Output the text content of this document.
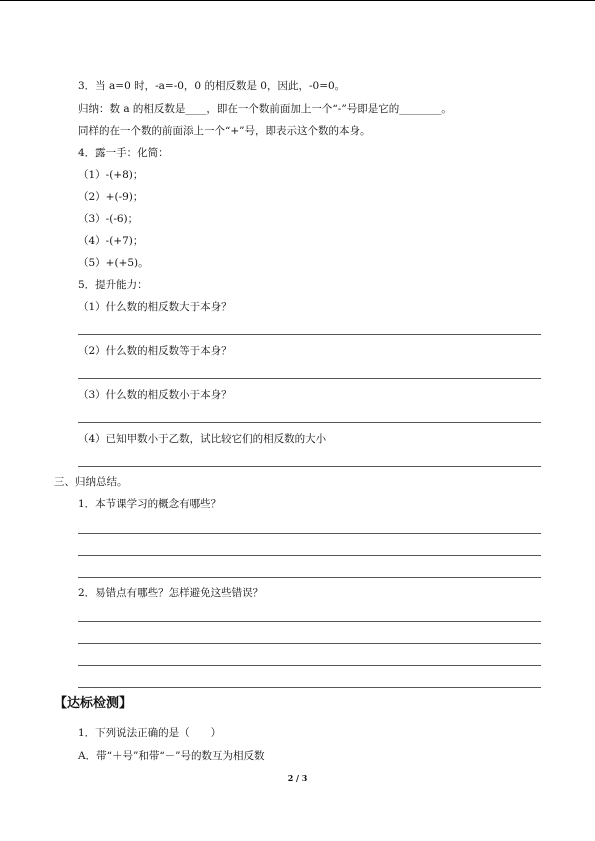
3．当 a=0 时，-a=-0，0 的相反数是 0，因此，-0=0。
归纳：数 a 的相反数是____，即在一个数前面加上一个“-”号即是它的________。
同样的在一个数的前面添上一个“+”号，即表示这个数的本身。
4．露一手：化简：
（1）-(+8)；
（2）+(-9)；
（3）-(-6)；
（4）-(+7)；
（5）+(+5)。
5．提升能力：
（1）什么数的相反数大于本身？
（2）什么数的相反数等于本身？
（3）什么数的相反数小于本身？
（4）已知甲数小于乙数，试比较它们的相反数的大小
三、归纳总结。
1．本节课学习的概念有哪些？
2．易错点有哪些？怎样避免这些错误？
【达标检测】
1．下列说法正确的是（　　）
A．带“＋号”和带“－”号的数互为相反数
2 / 3
